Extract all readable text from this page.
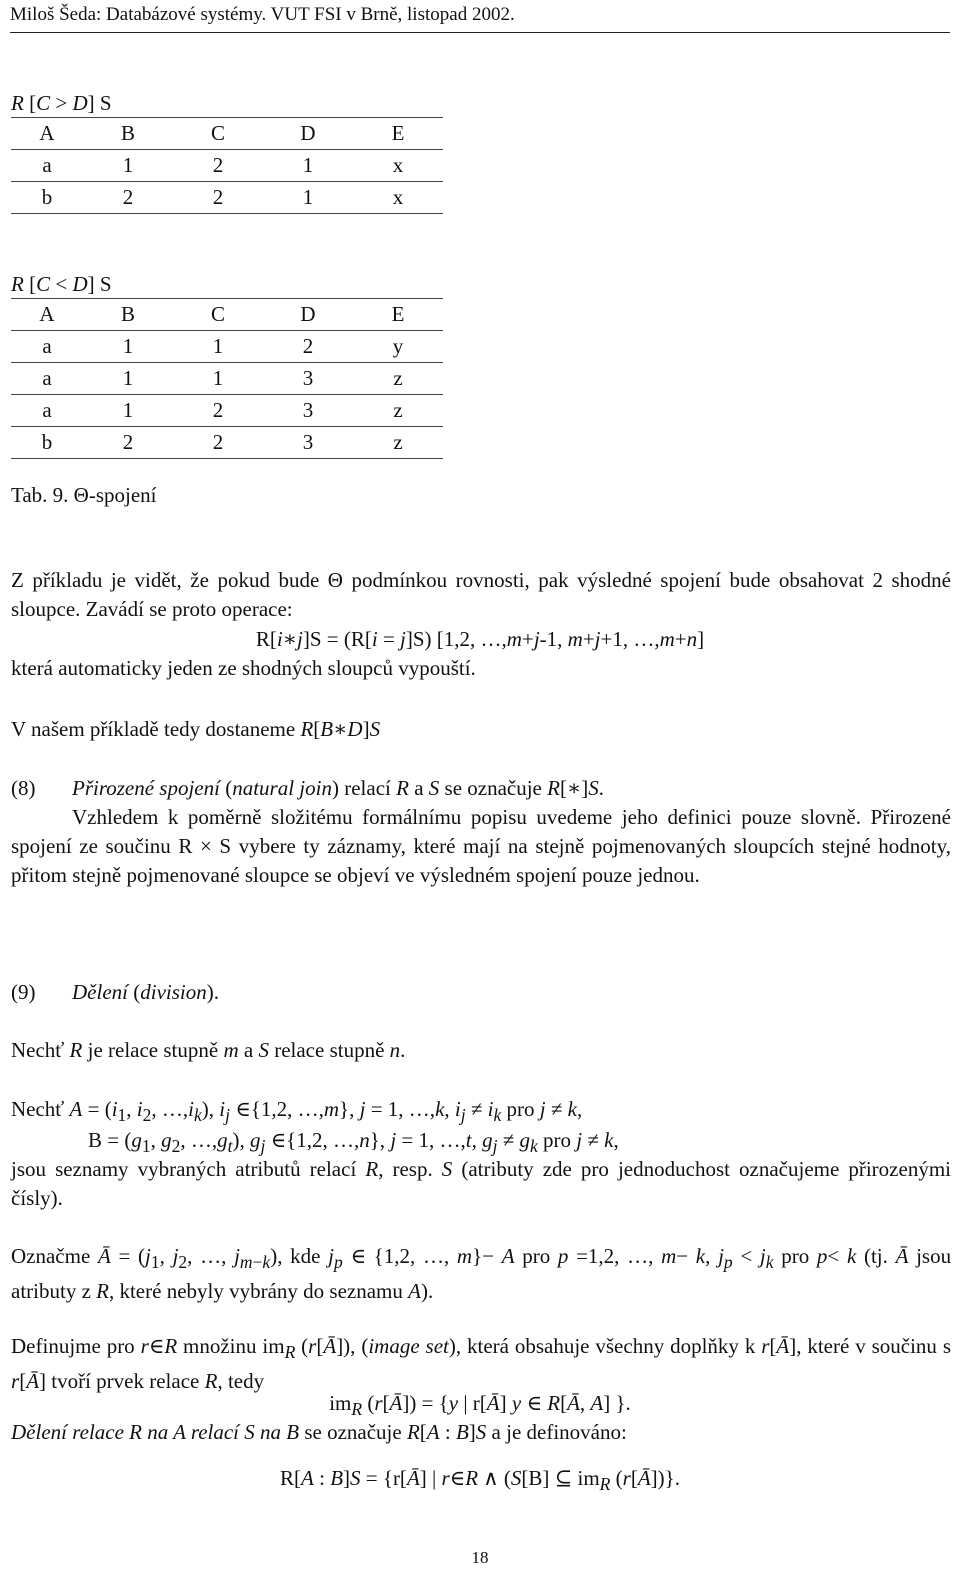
Miloš Šeda: Databázové systémy. VUT FSI v Brně, listopad 2002.
R [C > D] S
A	B	C	D	E
a	1	2	1	x
b	2	2	1	x
R [C < D] S
A	B	C	D	E
a	1	1	2	y
a	1	1	3	z
a	1	2	3	z
b	2	2	3	z
Tab. 9. Θ-spojení
Z příkladu je vidět, že pokud bude Θ podmínkou rovnosti, pak výsledné spojení bude obsahovat 2 shodné sloupce. Zavádí se proto operace:
R[i∗j]S = (R[i = j]S) [1,2, …,m+j-1, m+j+1, …,m+n]
která automaticky jeden ze shodných sloupců vypouští.
V našem příkladě tedy dostaneme R[B∗D]S
(8) Přirozené spojení (natural join) relací R a S se označuje R[∗]S.
Vzhledem k poměrně složitému formálnímu popisu uvedeme jeho definici pouze slovně. Přirozené spojení ze součinu R × S vybere ty záznamy, které mají na stejně pojmenovaných sloupcích stejné hodnoty, přitom stejně pojmenované sloupce se objeví ve výsledném spojení pouze jednou.
(9) Dělení (division).
Nechť R je relace stupně m a S relace stupně n.
Nechť $A = (i_1$, $i_2$, $\dots,i_k$), $i_j$ ∈{1,2, …,m}, j = 1, …,k, $i_j \ne i_k$ pro j ≠ k,
$B = (g_1$, $g_2$, $\dots,g_t$), $g_j$ ∈{1,2, …,n}, j = 1, …,t, $g_j \ne g_k$ pro j ≠ k,
jsou seznamy vybraných atributů relací R, resp. S (atributy zde pro jednoduchost označujeme přirozenými čísly).
Označme Ā = ($j_1$, $j_2$, …, $j_{m-k}$), kde $j_p$ ∈ {1,2, …, m}− A pro p =1,2, …, m− k, $j_p < j_k$ pro p< k (tj. Ā jsou atributy z R, které nebyly vybrány do seznamu A).
Definujme pro r∈R množinu $im_R$ (r[Ā]), (image set), která obsahuje všechny doplňky k r[Ā], které v součinu s r[Ā] tvoří prvek relace R, tedy
$im_R$ (r[Ā]) = {y | r[Ā] y ∈ R[Ā, A] }.
Dělení relace R na A relací S na B se označuje R[A : B]S a je definováno:
R[A : B]S = {r[Ā] | r∈R ∧ (S[B] ⊆ $im_R$ (r[Ā])}.
18
